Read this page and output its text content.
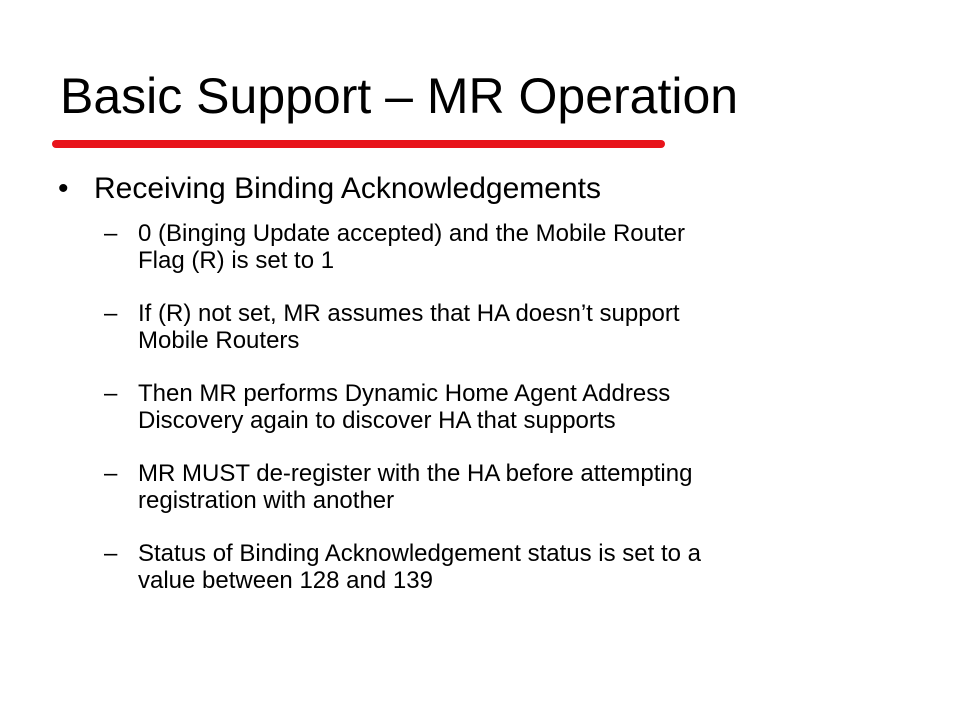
Basic Support – MR Operation
• Receiving Binding Acknowledgements
– 0 (Binging Update accepted) and the Mobile Router
Flag (R) is set to 1
– If (R) not set, MR assumes that HA doesn’t support
Mobile Routers
– Then MR performs Dynamic Home Agent Address
Discovery again to discover HA that supports
– MR MUST de-register with the HA before attempting
registration with another
– Status of Binding Acknowledgement status is set to a
value between 128 and 139
